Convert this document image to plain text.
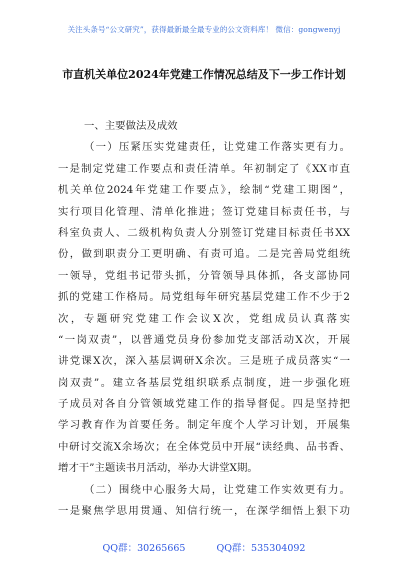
关注头条号“公文研究”，获得最新最全最专业的公文资料库！ 微信：gongwenyj
市直机关单位2024年党建工作情况总结及下一步工作计划
一、主要做法及成效
（一）压紧压实党建责任，让党建工作落实更有力。
一是制定党建工作要点和责任清单。年初制定了《XX市直
机关单位2024年党建工作要点》，绘制“党建工期图”，
实行项目化管理、清单化推进；签订党建目标责任书，与
科室负责人、二级机构负责人分别签订党建目标责任书XX
份，做到职责分工更明确、有责可追。二是完善局党组统
一领导，党组书记带头抓，分管领导具体抓，各支部协同
抓的党建工作格局。局党组每年研究基层党建工作不少于2
次，专题研究党建工作会议X次，党组成员认真落实
“一岗双责”，以普通党员身份参加党支部活动X次，开展
讲党课X次，深入基层调研X余次。三是班子成员落实“一
岗双责”。建立各基层党组织联系点制度，进一步强化班
子成员对各自分管领域党建工作的指导督促。四是坚持把
学习教育作为首要任务。制定年度个人学习计划，开展集
中研讨交流X余场次；在全体党员中开展“读经典、品书香、
增才干”主题读书月活动，举办大讲堂X期。
（二）围绕中心服务大局，让党建工作实效更有力。
一是聚焦学思用贯通、知信行统一，在深学细悟上狠下功
QQ群：30265665	QQ群：535304092
